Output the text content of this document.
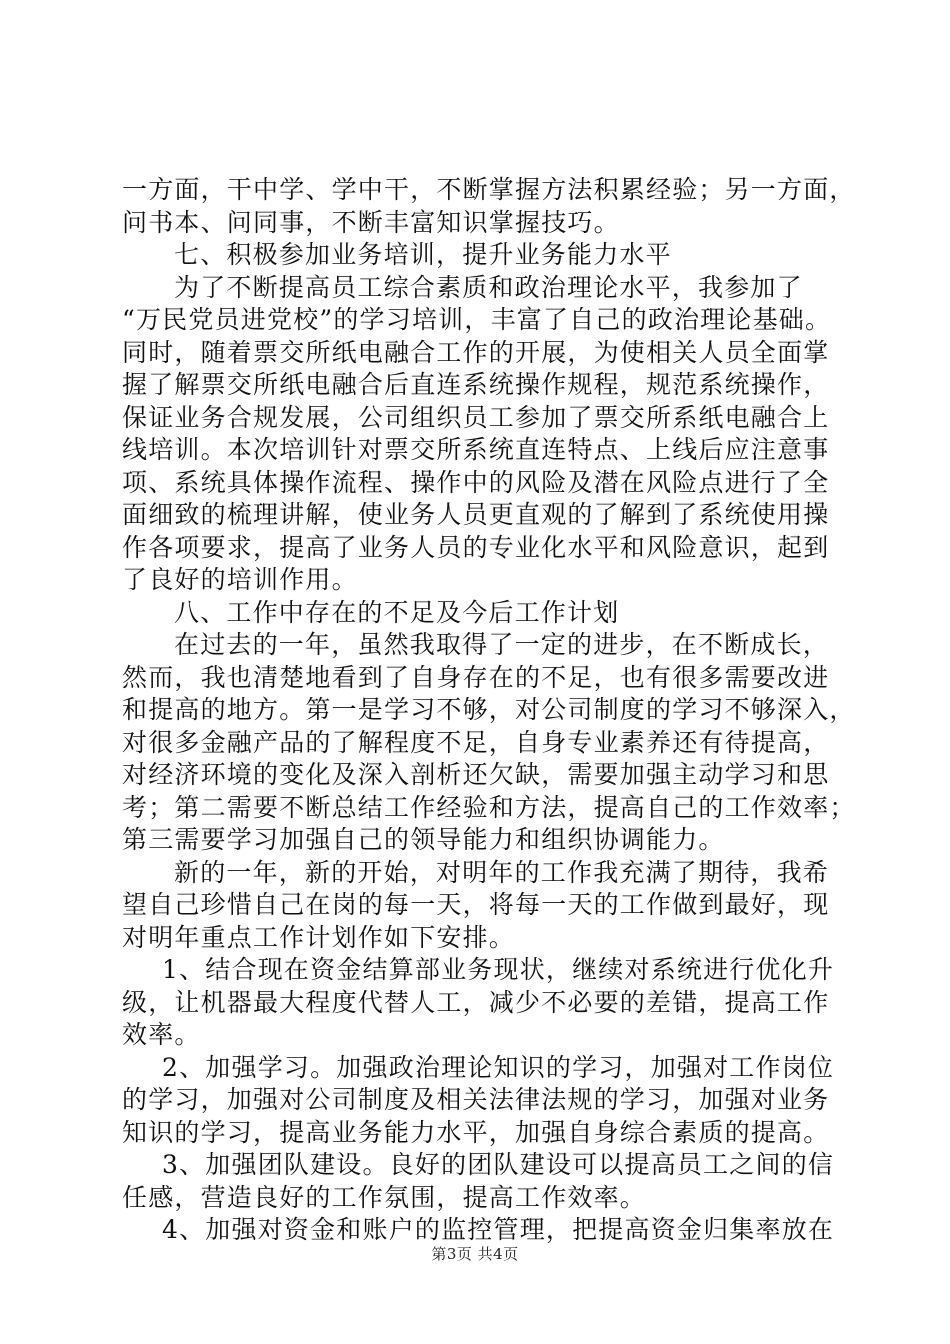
一方面，干中学、学中干，不断掌握方法积累经验；另一方面，
问书本、问同事，不断丰富知识掌握技巧。
七、积极参加业务培训，提升业务能力水平
为了不断提高员工综合素质和政治理论水平，我参加了
“万民党员进党校”的学习培训，丰富了自己的政治理论基础。
同时，随着票交所纸电融合工作的开展，为使相关人员全面掌
握了解票交所纸电融合后直连系统操作规程，规范系统操作，
保证业务合规发展，公司组织员工参加了票交所系纸电融合上
线培训。本次培训针对票交所系统直连特点、上线后应注意事
项、系统具体操作流程、操作中的风险及潜在风险点进行了全
面细致的梳理讲解，使业务人员更直观的了解到了系统使用操
作各项要求，提高了业务人员的专业化水平和风险意识，起到
了良好的培训作用。
八、工作中存在的不足及今后工作计划
在过去的一年，虽然我取得了一定的进步，在不断成长，
然而，我也清楚地看到了自身存在的不足，也有很多需要改进
和提高的地方。第一是学习不够，对公司制度的学习不够深入，
对很多金融产品的了解程度不足，自身专业素养还有待提高，
对经济环境的变化及深入剖析还欠缺，需要加强主动学习和思
考；第二需要不断总结工作经验和方法，提高自己的工作效率；
第三需要学习加强自己的领导能力和组织协调能力。
新的一年，新的开始，对明年的工作我充满了期待，我希
望自己珍惜自己在岗的每一天，将每一天的工作做到最好，现
对明年重点工作计划作如下安排。
1、结合现在资金结算部业务现状，继续对系统进行优化升
级，让机器最大程度代替人工，减少不必要的差错，提高工作
效率。
2、加强学习。加强政治理论知识的学习，加强对工作岗位
的学习，加强对公司制度及相关法律法规的学习，加强对业务
知识的学习，提高业务能力水平，加强自身综合素质的提高。
3、加强团队建设。良好的团队建设可以提高员工之间的信
任感，营造良好的工作氛围，提高工作效率。
4、加强对资金和账户的监控管理，把提高资金归集率放在
第3页 共4页
